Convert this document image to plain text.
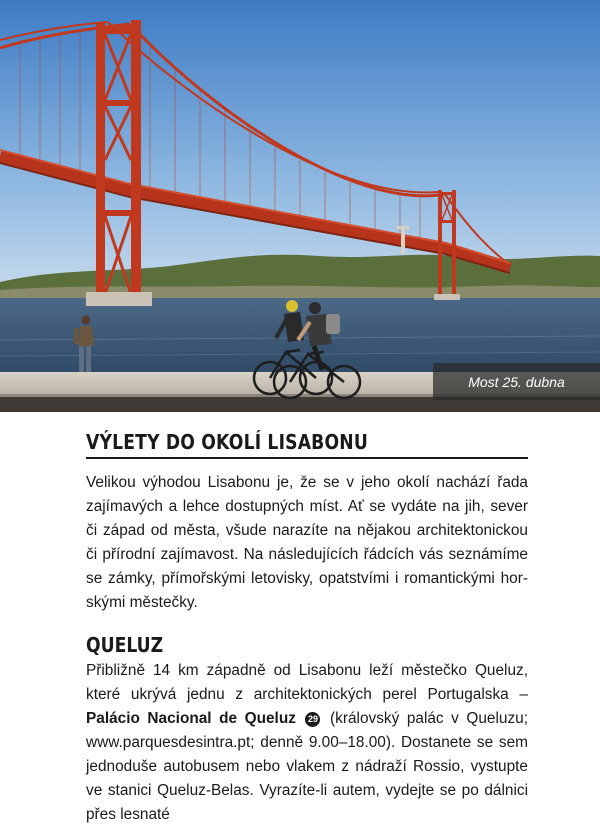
Most 25. dubna
VÝLETY DO OKOLÍ LISABONU

Velikou výhodou Lisabonu je, že se v jeho okolí nachází řada zajímavých a lehce dostupných míst. Ať se vydáte na jih, sever či západ od města, všude narazíte na nějakou architektonickou či přírodní zajímavost. Na následujících řádcích vás seznámíme se zámky, přímořskými letovisky, opatstvími i romantickými horskými městečky.

QUELUZ

Přibližně 14 km západně od Lisabonu leží městečko Queluz, které ukrývá jednu z architektonických perel Portugalska – Palácio Nacional de Queluz 29 (královský palác v Queluzu; www.parquesdesintra.pt; denně 9.00–18.00). Dostanete se sem jednoduše autobusem nebo vlakem z nádraží Rossio, vystupte ve stanici Queluz-Belas. Vyrazíte-li autem, vydejte se po dálnici přes lesnaté
